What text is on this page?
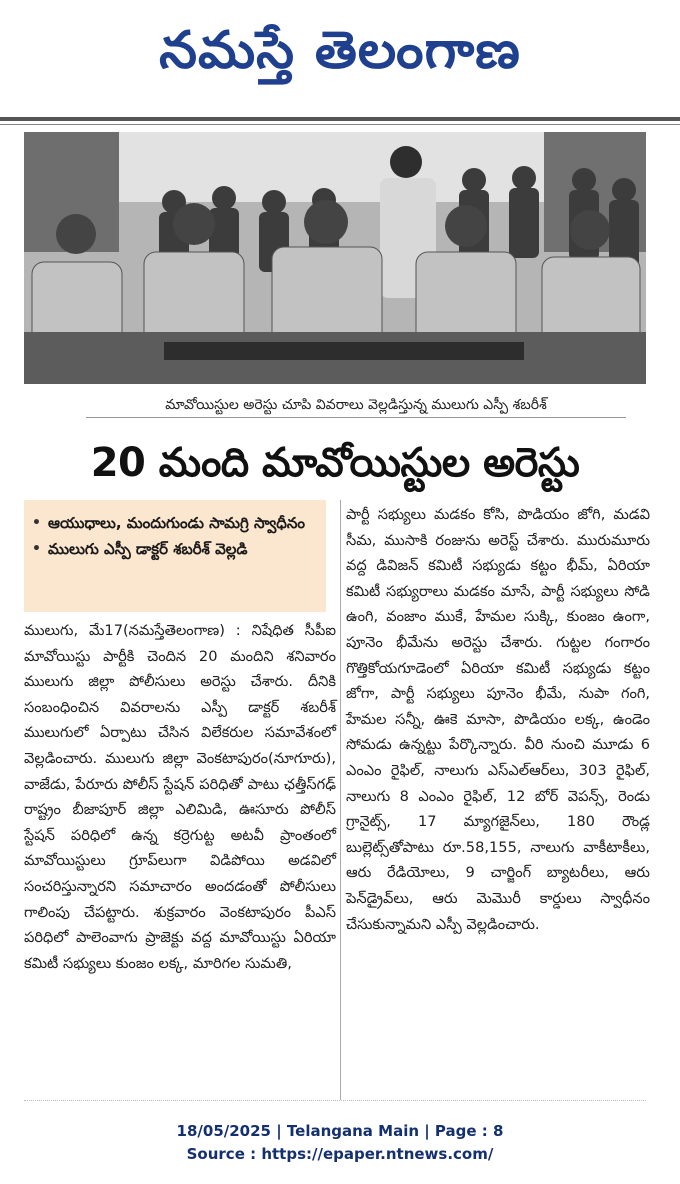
నమస్తే తెలంగాణ
మావోయిస్టుల అరెస్టు చూపి వివరాలు వెల్లడిస్తున్న ములుగు ఎస్పీ శబరీశ్
20 మంది మావోయిస్టుల అరెస్టు
• ఆయుధాలు, మందుగుండు సామగ్రి స్వాధీనం
• ములుగు ఎస్పీ డాక్టర్ శబరీశ్ వెల్లడి
ములుగు, మే17(నమస్తేతెలంగాణ) : నిషేధిత సీపీఐ మావోయిస్టు పార్టీకి చెందిన 20 మందిని శనివారం ములుగు జిల్లా పోలీసులు అరెస్టు చేశారు. దీనికి సంబంధించిన వివరాలను ఎస్పీ డాక్టర్ శబరీశ్ ములుగులో ఏర్పాటు చేసిన విలేకరుల సమావేశంలో వెల్లడించారు. ములుగు జిల్లా వెంకటాపురం(నూగూరు), వాజేడు, పేరూరు పోలీస్ స్టేషన్ పరిధితో పాటు ఛత్తీస్‌గఢ్ రాష్ట్రం బీజాపూర్ జిల్లా ఎలిమిడి, ఊసూరు పోలీస్ స్టేషన్ పరిధిలో ఉన్న కర్రెగుట్ట అటవీ ప్రాంతంలో మావోయిస్టులు గ్రూప్‌లుగా విడిపోయి అడవిలో సంచరిస్తున్నారని సమాచారం అందడంతో పోలీసులు గాలింపు చేపట్టారు. శుక్రవారం వెంకటాపురం పీఎస్ పరిధిలో పాలెంవాగు ప్రాజెక్టు వద్ద మావోయిస్టు ఏరియా కమిటీ సభ్యులు కుంజం లక్క, మారిగల సుమతి,
పార్టీ సభ్యులు మడకం కోసి, పొడియం జోగి, మడవి సీమ, ముసాకి రంజును అరెస్ట్ చేశారు. మురుమూరు వద్ద డివిజన్ కమిటీ సభ్యుడు కట్టం భీమ్, ఏరియా కమిటీ సభ్యురాలు మడకం మాసే, పార్టీ సభ్యులు సోడి ఉంగి, వంజాం ముకే, హేమల సుక్కి, కుంజం ఉంగా, పూనెం భీమేను అరెస్టు చేశారు. గుట్టల గంగారం గొత్తికోయగూడెంలో ఏరియా కమిటీ సభ్యుడు కట్టం జోగా, పార్టీ సభ్యులు పూనెం భీమే, నుపా గంగి, హేమల సన్నీ, ఊకె మాసా, పొడియం లక్క, ఉండెం సోమడు ఉన్నట్టు పేర్కొన్నారు. వీరి నుంచి మూడు 6 ఎంఎం రైఫిల్, నాలుగు ఎస్ఎల్ఆర్‌లు, 303 రైఫిల్, నాలుగు 8 ఎంఎం రైఫిల్, 12 బోర్ వెపన్స్, రెండు గ్రానైట్స్, 17 మ్యాగజైన్‌లు, 180 రౌండ్ల బుల్లెట్స్‌తోపాటు రూ.58,155, నాలుగు వాకీటాకీలు, ఆరు రేడియోలు, 9 చార్జింగ్ బ్యాటరీలు, ఆరు పెన్‌డ్రైవ్‌లు, ఆరు మెమొరీ కార్డులు స్వాధీనం చేసుకున్నామని ఎస్పీ వెల్లడించారు.
18/05/2025 | Telangana Main | Page : 8
Source : https://epaper.ntnews.com/
